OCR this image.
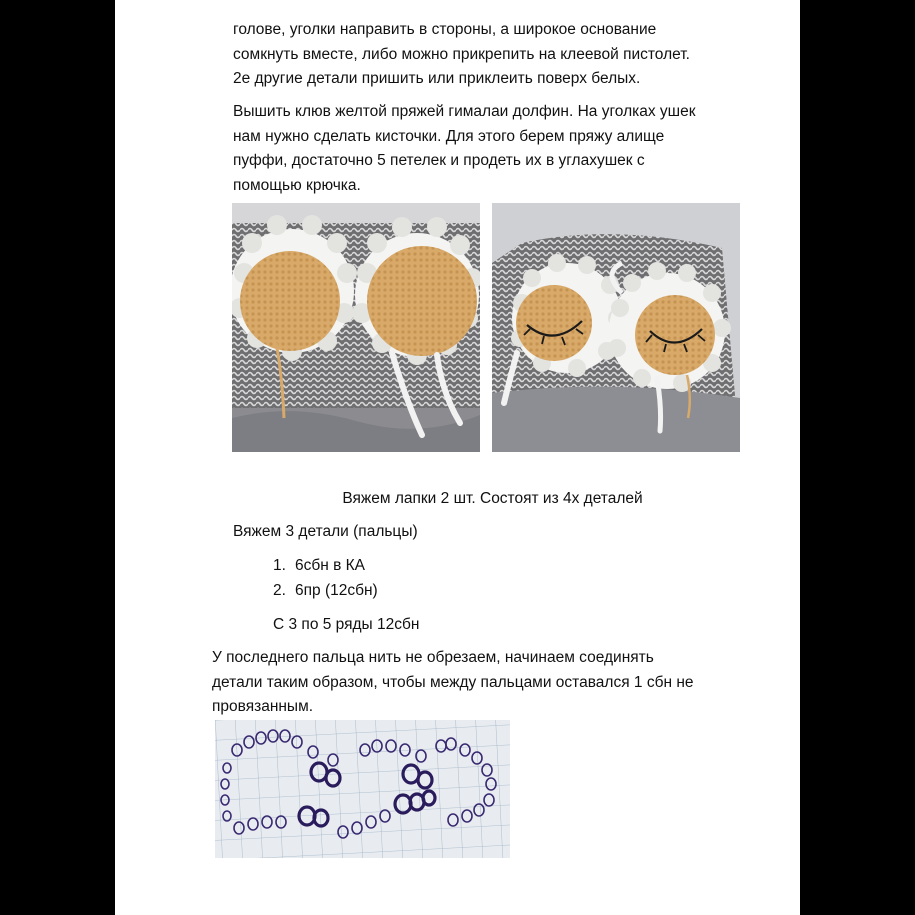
голове, уголки направить в стороны, а широкое основание
сомкнуть вместе, либо можно прикрепить на клеевой пистолет.
2е другие детали пришить или приклеить поверх белых.
Вышить клюв желтой пряжей гималаи долфин. На уголках ушек
нам нужно сделать кисточки. Для этого берем пряжу алище
пуффи, достаточно 5 петелек и продеть их в углахушек с
помощью крючка.
Вяжем лапки 2 шт. Состоят из 4х деталей
Вяжем 3 детали (пальцы)
1. 6сбн в КА
2. 6пр (12сбн)
С 3 по 5 ряды 12сбн
У последнего пальца нить не обрезаем, начинаем соединять
детали таким образом, чтобы между пальцами оставался 1 сбн не
провязанным.
